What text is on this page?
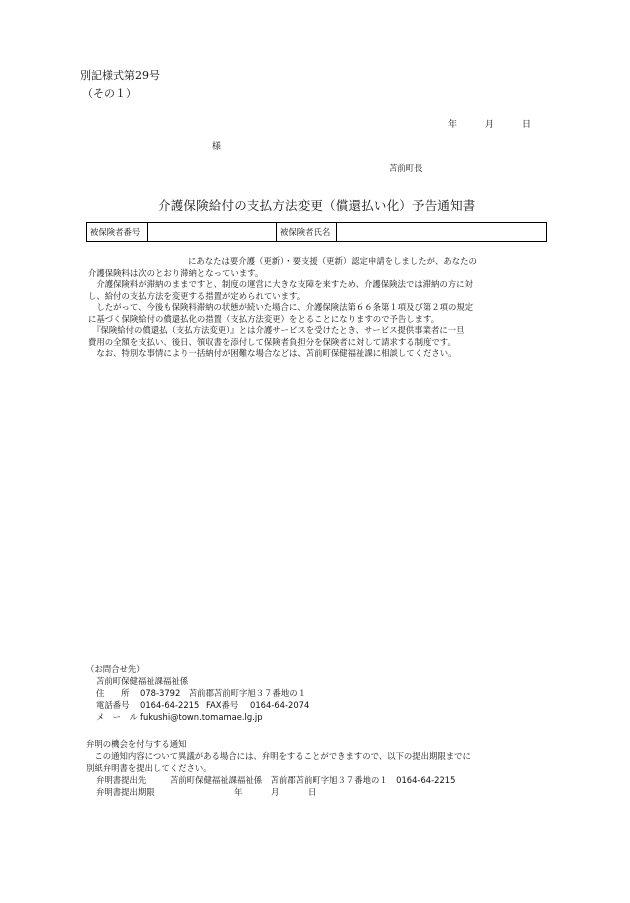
別記様式第29号
（その１）
年	月	日
様
苫前町長
介護保険給付の支払方法変更（償還払い化）予告通知書
被保険者番号		被保険者氏名	
にあなたは要介護（更新）・要支援（更新）認定申請をしましたが、あなたの
介護保険料は次のとおり滞納となっています。
　介護保険料が滞納のままですと、制度の運営に大きな支障を来すため、介護保険法では滞納の方に対
し、給付の支払方法を変更する措置が定められています。
　したがって、今後も保険料滞納の状態が続いた場合に、介護保険法第６６条第１項及び第２項の規定
に基づく保険給付の償還払化の措置（支払方法変更）をとることになりますので予告します。
　『保険給付の償還払（支払方法変更）』とは介護サービスを受けたとき、サービス提供事業者に一旦
費用の全額を支払い、後日、領収書を添付して保険者負担分を保険者に対して請求する制度です。
　なお、特別な事情により一括納付が困難な場合などは、苫前町保健福祉課に相談してください。
（お問合せ先）
苫前町保健福祉課福祉係
住　　所 078-3792　苫前郡苫前町字旭３７番地の１
電話番号 0164-64-2215 FAX番号 0164-64-2074
メ　ー　ル fukushi@town.tomamae.lg.jp
弁明の機会を付与する通知
　この通知内容について異議がある場合には、弁明をすることができますので、以下の提出期限までに
別紙弁明書を提出してください。
弁明書提出先	苫前町保健福祉課福祉係　苫前郡苫前町字旭３７番地の１　0164-64-2215
弁明書提出期限	年	月	日
